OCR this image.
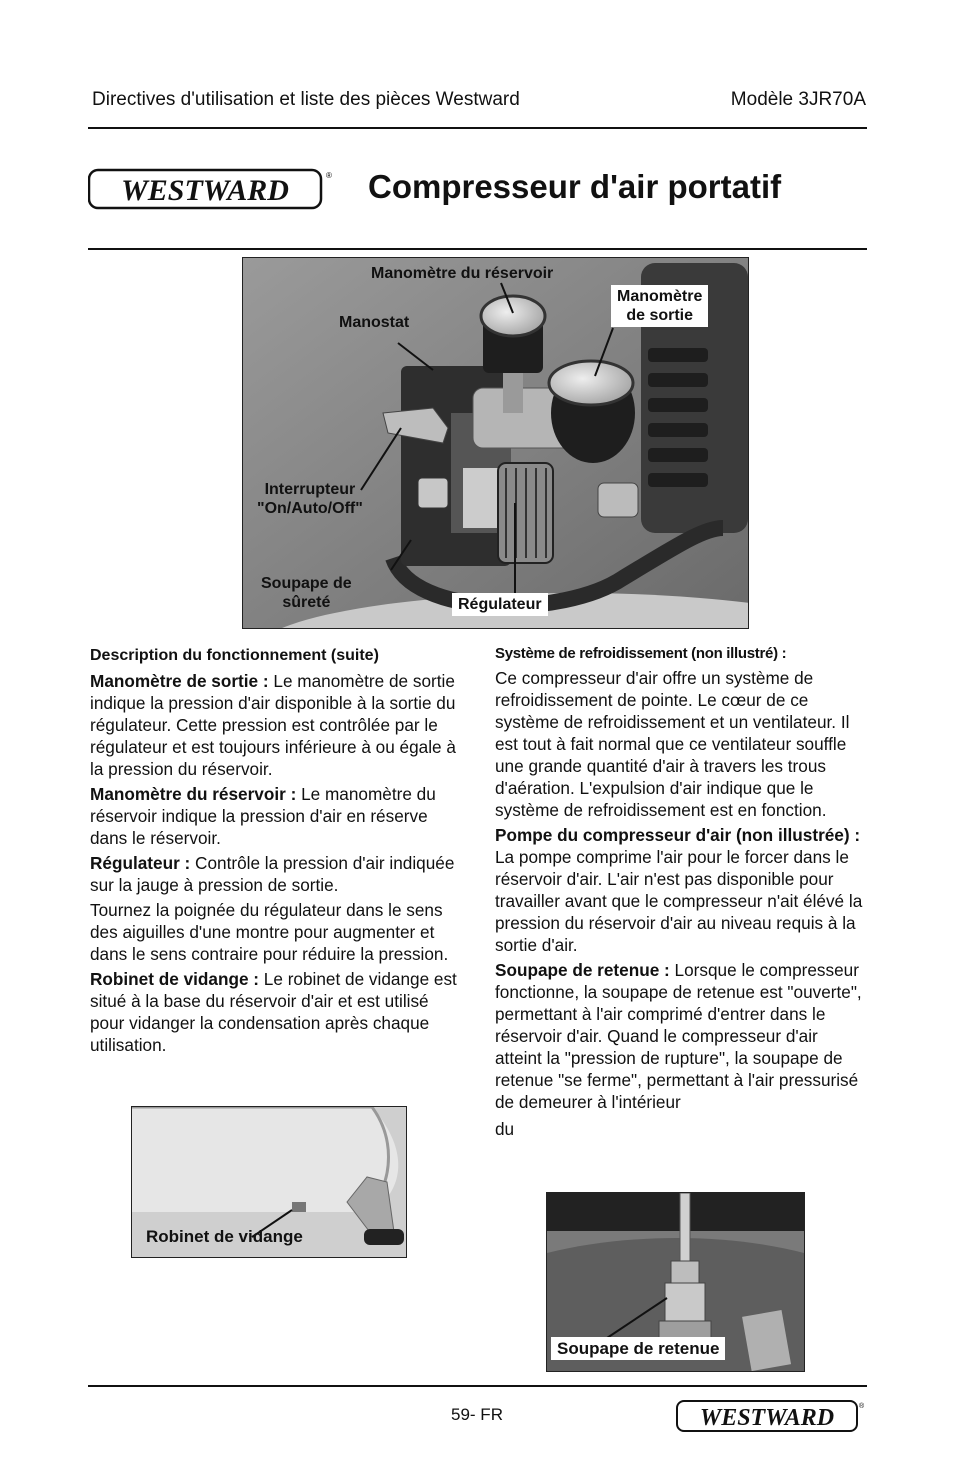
Directives d'utilisation et liste des pièces Westward	Modèle 3JR70A
WESTWARD	® Compresseur d'air portatif
Manomètre du réservoir
Manomètre
de sortie
Manostat
Interrupteur
"On/Auto/Off"
Soupape de
sûreté	Régulateur

Description du fonctionnement (suite)

Manomètre de sortie : Le manomètre de sortie indique la pression d'air disponible à la sortie du régulateur. Cette pression est contrôlée par le régulateur et est toujours inférieure à ou égale à la pression du réservoir.

Manomètre du réservoir : Le manomètre du réservoir indique la pression d'air en réserve dans le réservoir.

Régulateur : Contrôle la pression d'air indiquée sur la jauge à pression de sortie.

Tournez la poignée du régulateur dans le sens des aiguilles d'une montre pour augmenter et dans le sens contraire pour réduire la pression.

Robinet de vidange : Le robinet de vidange est situé à la base du réservoir d'air et est utilisé pour vidanger la condensation après chaque utilisation.

Robinet de vidange
Système de refroidissement (non illustré) :

Ce compresseur d'air offre un système de refroidissement de pointe. Le cœur de ce système de refroidissement et un ventilateur. Il est tout à fait normal que ce ventilateur souffle une grande quantité d'air à travers les trous d'aération. L'expulsion d'air indique que le système de refroidissement est en fonction.

Pompe du compresseur d'air (non illustrée) : La pompe comprime l'air pour le forcer dans le réservoir d'air. L'air n'est pas disponible pour travailler avant que le compresseur n'ait élévé la pression du réservoir d'air au niveau requis à la sortie d'air.

Soupape de retenue : Lorsque le compresseur fonctionne, la soupape de retenue est "ouverte", permettant à l'air comprimé d'entrer dans le réservoir d'air. Quand le compresseur d'air atteint la "pression de rupture", la soupape de retenue "se ferme", permettant à l'air pressurisé de demeurer à l'intérieur

du

Soupape de retenue
59- FR	WESTWARD	®
